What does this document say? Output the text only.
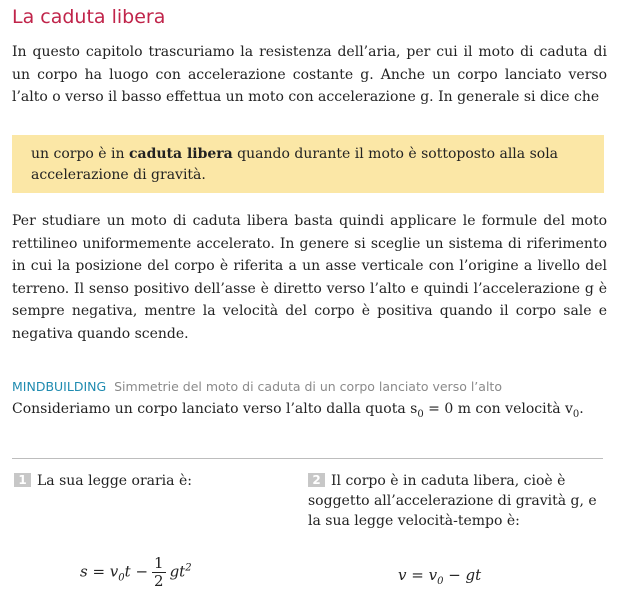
La caduta libera
In questo capitolo trascuriamo la resistenza dell’aria, per cui il moto di caduta di un corpo ha luogo con accelerazione costante g. Anche un corpo lanciato verso l’alto o verso il basso effettua un moto con accelerazione g. In generale si dice che
un corpo è in caduta libera quando durante il moto è sottoposto alla sola accelerazione di gravità.
Per studiare un moto di caduta libera basta quindi applicare le formule del moto rettilineo uniformemente accelerato. In genere si sceglie un sistema di riferimento in cui la posizione del corpo è riferita a un asse verticale con l’origine a livello del terreno. Il senso positivo dell’asse è diretto verso l’alto e quindi l’accelerazione g è sempre negativa, mentre la velocità del corpo è positiva quando il corpo sale e negativa quando scende.
MINDBUILDING Simmetrie del moto di caduta di un corpo lanciato verso l’alto
Consideriamo un corpo lanciato verso l’alto dalla quota $s_0 = 0$ m con velocità $v_0$.
1 La sua legge oraria è:	2 Il corpo è in caduta libera, cioè è soggetto all’accelerazione di gravità g, e la sua legge velocità-tempo è:
$s = v_0t - \frac{1}{2} gt^2$	$v = v_0$ − gt
